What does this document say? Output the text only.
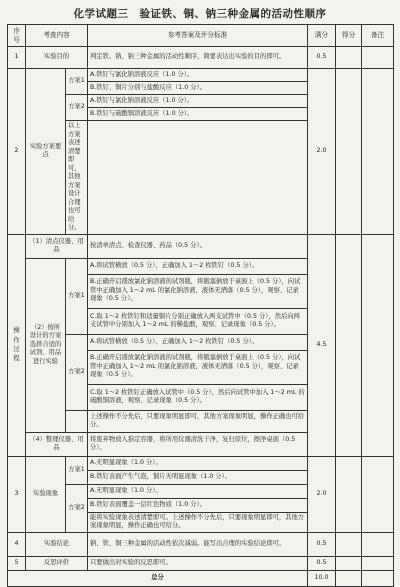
化学试题三　验证铁、铜、钠三种金属的活动性顺序
序号	考查内容		参考答案及评分标准	满分	得分	备注
1	实验目的		判定铁、钠、钠三种金属的活动性顺序，简要表达出实验的目的即可。	0.5		
2	实验方案要点	方案1	A.铁钉与氯化钠溶液反应（1.0 分）。	2.0		
			B.铁钉、铜片分别与盐酸反应（1.0 分）。			
		方案2	A.铁钉与氯化钠溶液反应（1.0 分）。			
			B.铁钉与硫酸铜溶液反应（1.0 分）。			
		以上方案表述清楚即可，其他方案设计合理也可给分。				
操作过程	（1）清点仪器、用品		按清单清点、检查仪器、药品（0.5 分）。	4.5		
	（2）按所设计的方案选择合适的试剂、用品进行实验	方案1	A.将试管横放（0.5 分），正确加入 1～2 枚铁钉（0.5 分）。			
			B.正确开启盛放氯化钠溶液的试剂瓶，将瓶塞倒放于桌面上（0.5 分），向试管中正确加入 1～2 mL 的氯化钠溶液，液体无洒落（0.5 分），观察、记录现象（0.5 分）。			
			C.取 1～2 枚铁钉和适量铜片分别正确放入两支试管中（0.5 分），然后向两支试管中分别加入 1～2 mL 的稀盐酸，观察、记录现象（0.5 分）。			
		方案2	A.将试管横放（0.5 分），正确加入 1～2 枚铁钉（0.5 分）。			
			B.正确开启盛放氯化钠溶液的试剂瓶，将瓶塞倒放于桌面上（0.5 分），向试管中正确加入 1～2 mL 的氯化钠溶液，液体无洒落（0.5 分），观察、记录现象（0.5 分）。			
			C.取 1～2 枚铁钉正确放入试管中（0.5 分），然后向试管中加入 1～2 mL 的硫酸铜溶液，观察、记录现象（0.5 分）。			
			上述操作不分先后，只要现象明显即可，其他方案现象明显，操作正确也可给分。			
	（4）整理仪器、用品		将废弃物放入指定容器，将所用仪器清洗干净，复归原位，擦净桌面（0.5 分）。			
3	实验现象	方案1	A.无明显现象（1.0 分）。	2.0		
			B.铁钉表面产生气泡，铜片无明显现象（1.0 分）。			
		方案2	A.无明显现象（1.0 分）。			
			B.铁钉表面覆盖一层红色物质（1.0 分）。			
			能将实验现象表述清楚即可。上述操作不分先后，只要现象明显即可，其他方案现象明显，操作正确也可给分。			
4	实验结论		钠、铁、铜三种金属的活动性依次减弱。能写出合理的实验结论即可。	0.5		
5	反思评价		只要做出对实验的反思即可。	0.5		
总分				10.0		
